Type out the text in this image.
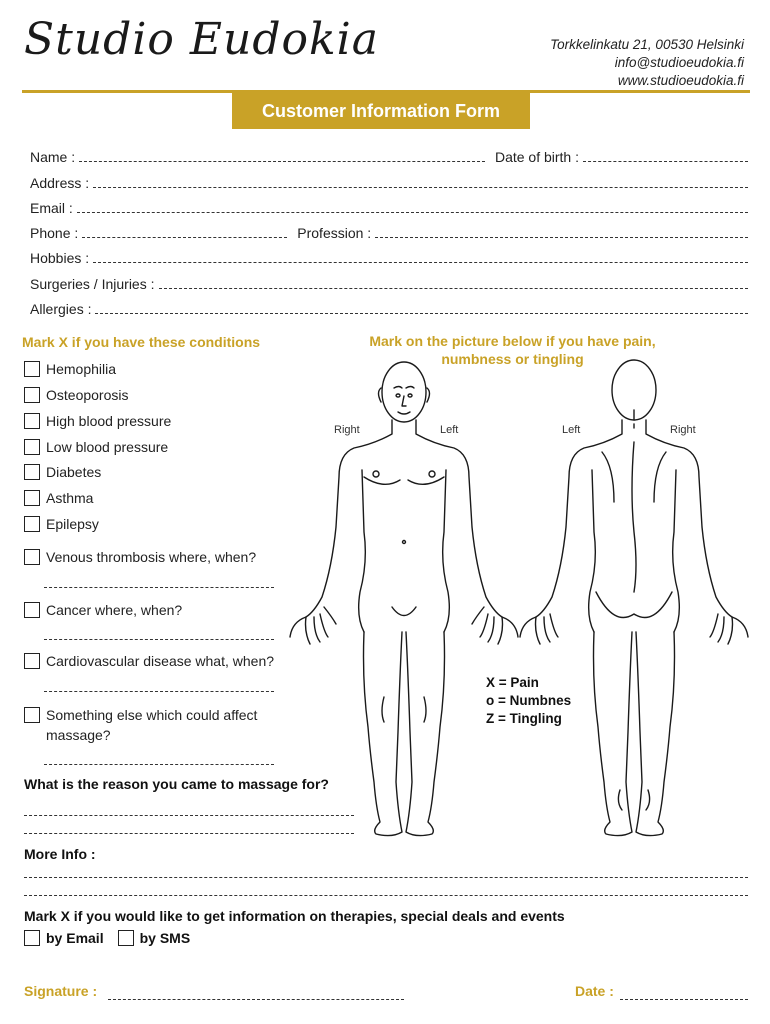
Studio Eudokia	Torkkelinkatu 21, 00530 Helsinki
info@studioeudokia.fi
www.studioeudokia.fi
Customer Information Form
Name :	Date of birth :
Address :
Email :
Phone :	Profession :
Hobbies :
Surgeries / Injuries :
Allergies :
Mark X if you have these conditions
Hemophilia
Osteoporosis
High blood pressure
Low blood pressure
Diabetes
Asthma
Epilepsy
Venous thrombosis where, when?
Cancer where, when?
Cardiovascular disease what, when?
Something else which could affect
massage?
Mark on the picture below if you have pain,
numbness or tingling
Right	Left	Left	Right
X = Pain
o = Numbnes
Z = Tingling
What is the reason you came to massage for?
More Info :
Mark X if you would like to get information on therapies, special deals and events
by Email	by SMS
Signature :	Date :
